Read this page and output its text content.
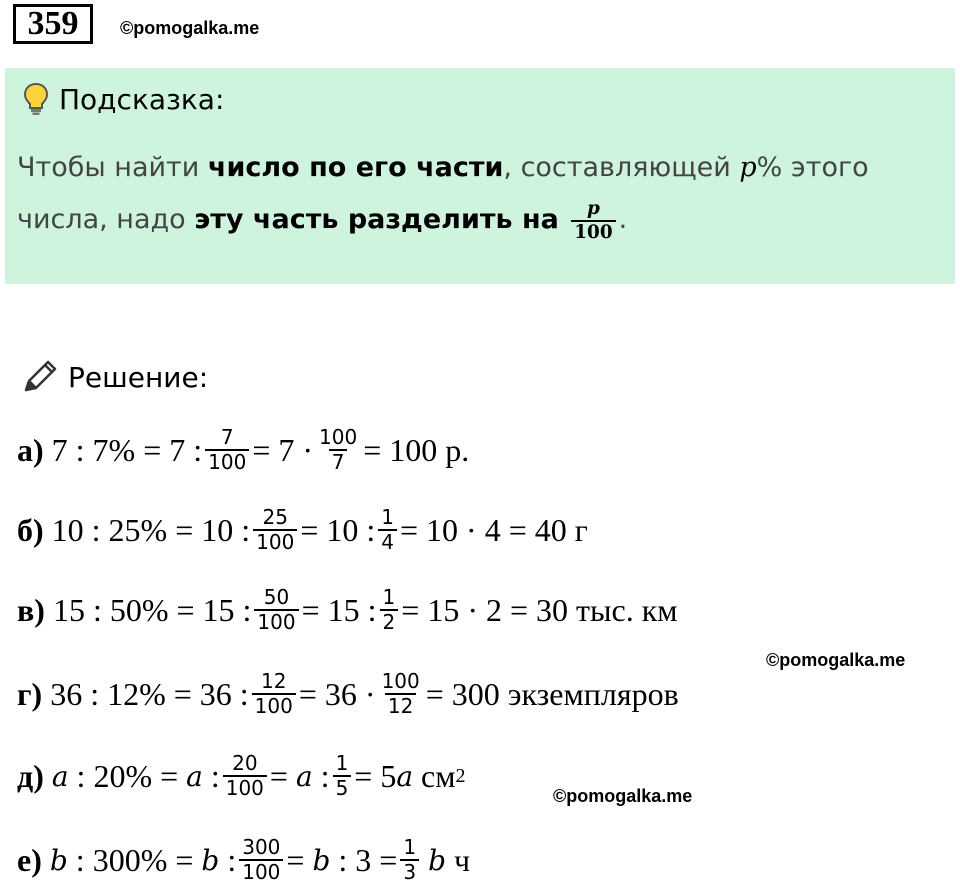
359	©pomogalka.me
Подсказка:
Чтобы найти число по его части, составляющей p% этого числа, надо эту часть разделить на $\frac{p}{100}$ .
Решение:
а) 7 : 7% = 7 : $\frac{7}{100} = 7 \cdot \frac{100}{7} = 100$ р.
б) 10 : 25% = 10 : $\frac{25}{100} = 10$ : $\frac{1}{4} = 10 \cdot 4 = 40$ г
в) 15 : 50% = 15 : $\frac{50}{100} = 15$ : $\frac{1}{2} = 15 \cdot 2 = 30$ тыс. км
©pomogalka.me
г) 36 : 12% = 36 : $\frac{12}{100} = 36 \cdot \frac{100}{12} = 300$ экземпляров
д) a : 20% = a : $\frac{20}{100} = a$ : $\frac{1}{5} = 5$ a см 2
©pomogalka.me
е) b : 300% = b : $\frac{300}{100} = b$ : $3 = \frac{1}{3}$ b ч
